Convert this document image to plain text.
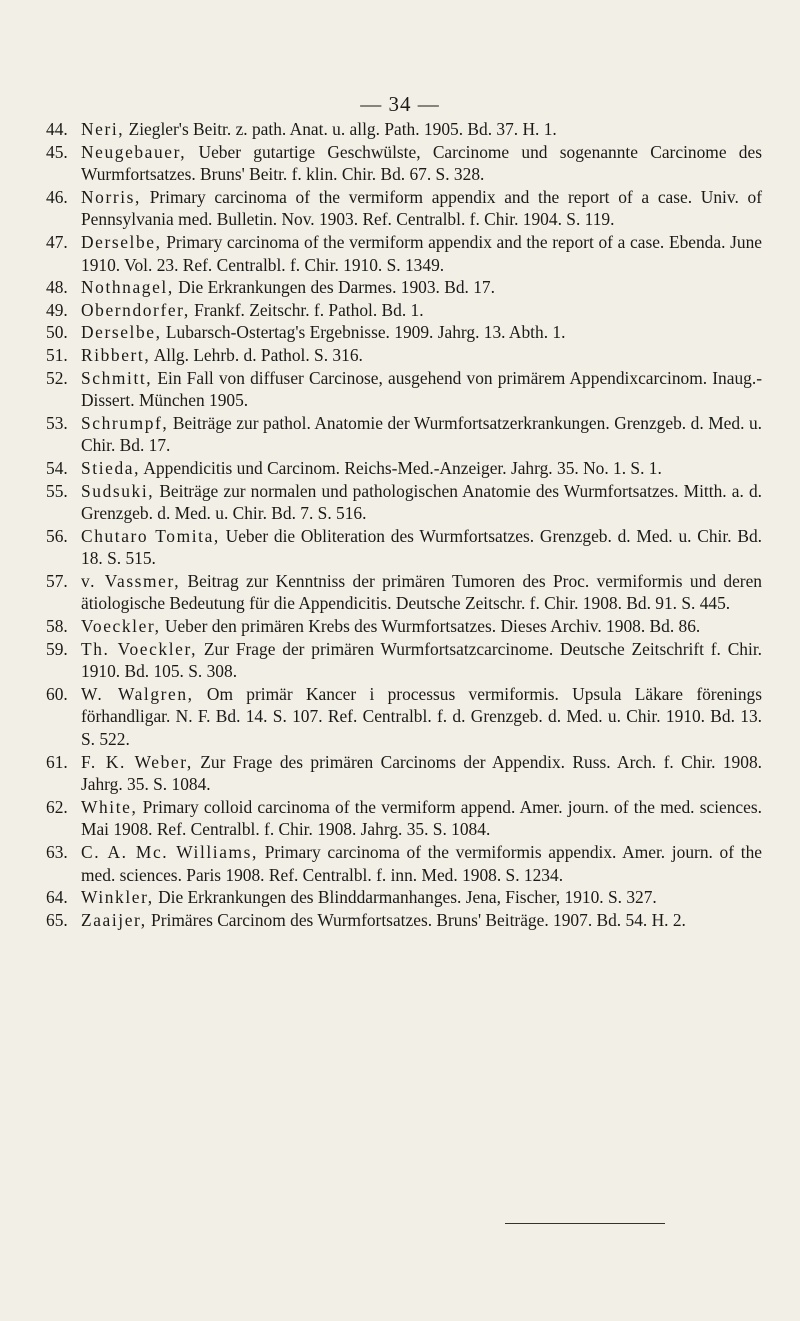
— 34 —
44. Neri, Ziegler's Beitr. z. path. Anat. u. allg. Path. 1905. Bd. 37. H. 1.
45. Neugebauer, Ueber gutartige Geschwülste, Carcinome und sogenannte Carcinome des Wurmfortsatzes. Bruns' Beitr. f. klin. Chir. Bd. 67. S. 328.
46. Norris, Primary carcinoma of the vermiform appendix and the report of a case. Univ. of Pennsylvania med. Bulletin. Nov. 1903. Ref. Centralbl. f. Chir. 1904. S. 119.
47. Derselbe, Primary carcinoma of the vermiform appendix and the report of a case. Ebenda. June 1910. Vol. 23. Ref. Centralbl. f. Chir. 1910. S. 1349.
48. Nothnagel, Die Erkrankungen des Darmes. 1903. Bd. 17.
49. Oberndorfer, Frankf. Zeitschr. f. Pathol. Bd. 1.
50. Derselbe, Lubarsch-Ostertag's Ergebnisse. 1909. Jahrg. 13. Abth. 1.
51. Ribbert, Allg. Lehrb. d. Pathol. S. 316.
52. Schmitt, Ein Fall von diffuser Carcinose, ausgehend von primärem Appendixcarcinom. Inaug.-Dissert. München 1905.
53. Schrumpf, Beiträge zur pathol. Anatomie der Wurmfortsatzerkrankungen. Grenzgeb. d. Med. u. Chir. Bd. 17.
54. Stieda, Appendicitis und Carcinom. Reichs-Med.-Anzeiger. Jahrg. 35. No. 1. S. 1.
55. Sudsuki, Beiträge zur normalen und pathologischen Anatomie des Wurmfortsatzes. Mitth. a. d. Grenzgeb. d. Med. u. Chir. Bd. 7. S. 516.
56. Chutaro Tomita, Ueber die Obliteration des Wurmfortsatzes. Grenzgeb. d. Med. u. Chir. Bd. 18. S. 515.
57. v. Vassmer, Beitrag zur Kenntniss der primären Tumoren des Proc. vermiformis und deren ätiologische Bedeutung für die Appendicitis. Deutsche Zeitschr. f. Chir. 1908. Bd. 91. S. 445.
58. Voeckler, Ueber den primären Krebs des Wurmfortsatzes. Dieses Archiv. 1908. Bd. 86.
59. Th. Voeckler, Zur Frage der primären Wurmfortsatzcarcinome. Deutsche Zeitschrift f. Chir. 1910. Bd. 105. S. 308.
60. W. Walgren, Om primär Kancer i processus vermiformis. Upsula Läkare förenings förhandligar. N. F. Bd. 14. S. 107. Ref. Centralbl. f. d. Grenzgeb. d. Med. u. Chir. 1910. Bd. 13. S. 522.
61. F. K. Weber, Zur Frage des primären Carcinoms der Appendix. Russ. Arch. f. Chir. 1908. Jahrg. 35. S. 1084.
62. White, Primary colloid carcinoma of the vermiform append. Amer. journ. of the med. sciences. Mai 1908. Ref. Centralbl. f. Chir. 1908. Jahrg. 35. S. 1084.
63. C. A. Mc. Williams, Primary carcinoma of the vermiformis appendix. Amer. journ. of the med. sciences. Paris 1908. Ref. Centralbl. f. inn. Med. 1908. S. 1234.
64. Winkler, Die Erkrankungen des Blinddarmanhanges. Jena, Fischer, 1910. S. 327.
65. Zaaijer, Primäres Carcinom des Wurmfortsatzes. Bruns' Beiträge. 1907. Bd. 54. H. 2.
